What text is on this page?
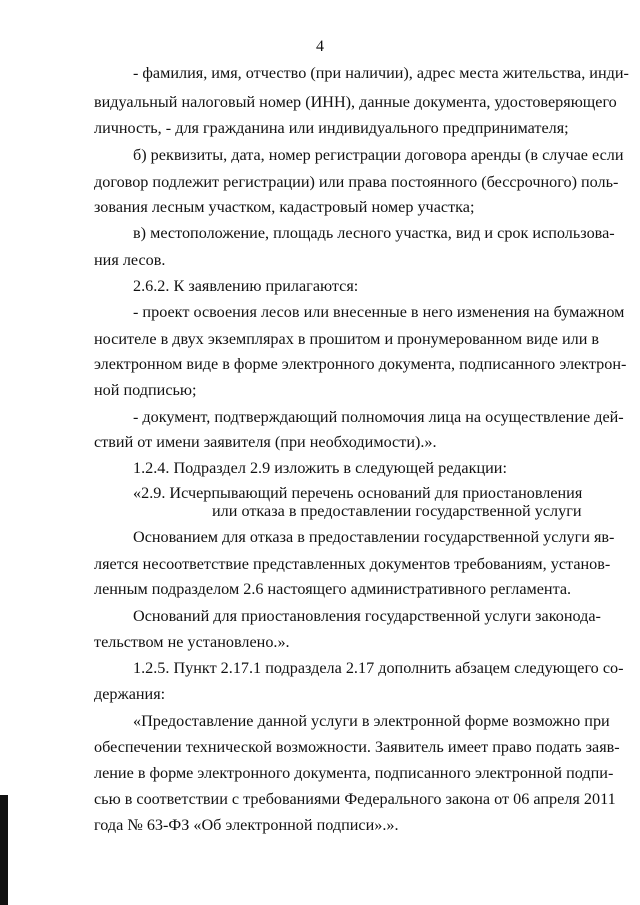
4
- фамилия, имя, отчество (при наличии), адрес места жительства, инди-
видуальный налоговый номер (ИНН), данные документа, удостоверяющего
личность, - для гражданина или индивидуального предпринимателя;
б) реквизиты, дата, номер регистрации договора аренды (в случае если
договор подлежит регистрации) или права постоянного (бессрочного) поль-
зования лесным участком, кадастровый номер участка;
в) местоположение, площадь лесного участка, вид и срок использова-
ния лесов.
2.6.2. К заявлению прилагаются:
- проект освоения лесов или внесенные в него изменения на бумажном
носителе в двух экземплярах в прошитом и пронумерованном виде или в
электронном виде в форме электронного документа, подписанного электрон-
ной подписью;
- документ, подтверждающий полномочия лица на осуществление дей-
ствий от имени заявителя (при необходимости).».
1.2.4. Подраздел 2.9 изложить в следующей редакции:
«2.9. Исчерпывающий перечень оснований для приостановления
или отказа в предоставлении государственной услуги
Основанием для отказа в предоставлении государственной услуги яв-
ляется несоответствие представленных документов требованиям, установ-
ленным подразделом 2.6 настоящего административного регламента.
Оснований для приостановления государственной услуги законода-
тельством не установлено.».
1.2.5. Пункт 2.17.1 подраздела 2.17 дополнить абзацем следующего со-
держания:
«Предоставление данной услуги в электронной форме возможно при
обеспечении технической возможности. Заявитель имеет право подать заяв-
ление в форме электронного документа, подписанного электронной подпи-
сью в соответствии с требованиями Федерального закона от 06 апреля 2011
года № 63-ФЗ «Об электронной подписи».».
